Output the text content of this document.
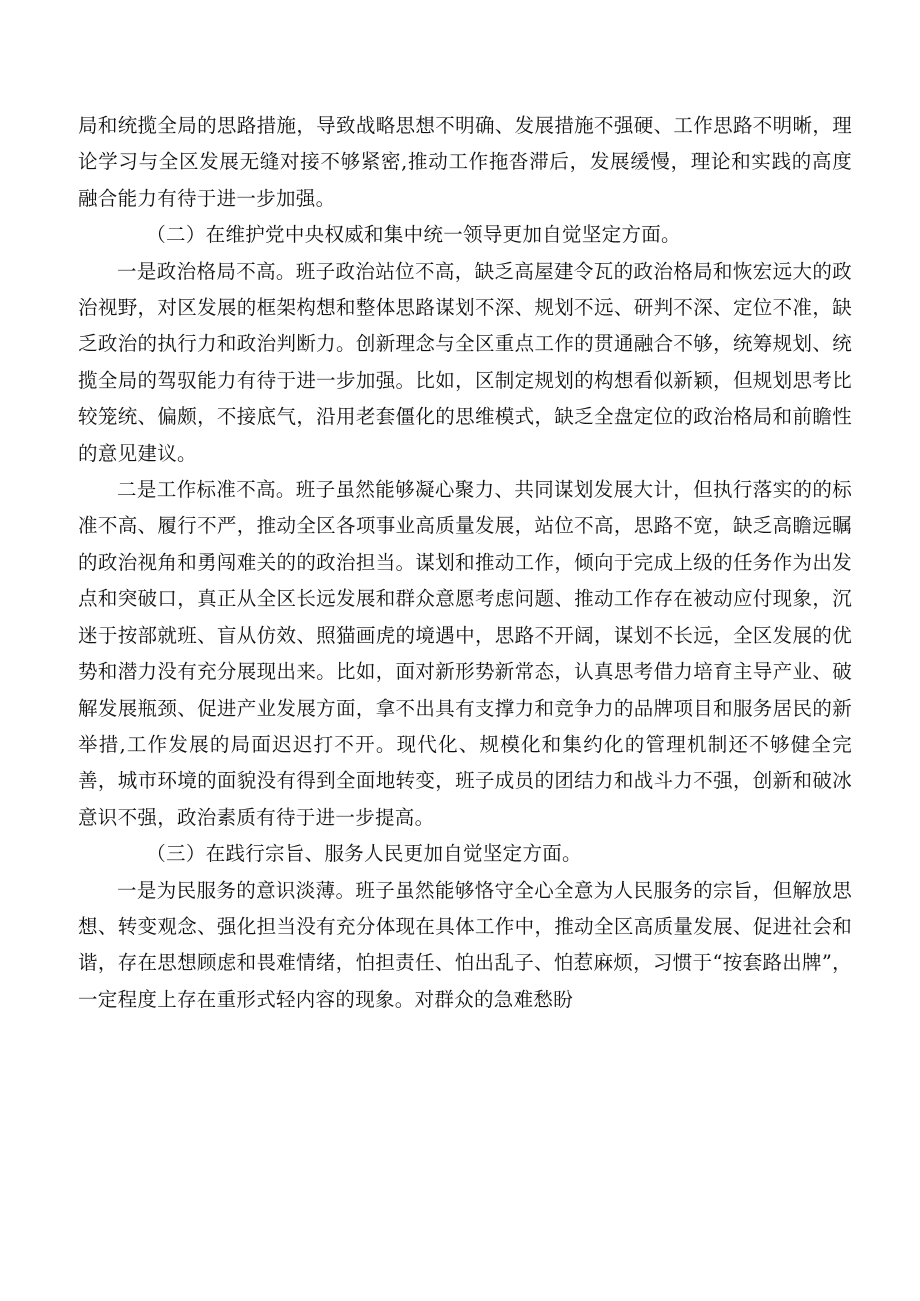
局和统揽全局的思路措施，导致战略思想不明确、发展措施不强硬、工作思路不明晰，理论学习与全区发展无缝对接不够紧密,推动工作拖沓滞后，发展缓慢，理论和实践的高度融合能力有待于进一步加强。

（二）在维护党中央权威和集中统一领导更加自觉坚定方面。

一是政治格局不高。班子政治站位不高，缺乏高屋建令瓦的政治格局和恢宏远大的政治视野，对区发展的框架构想和整体思路谋划不深、规划不远、研判不深、定位不准，缺乏政治的执行力和政治判断力。创新理念与全区重点工作的贯通融合不够，统筹规划、统揽全局的驾驭能力有待于进一步加强。比如，区制定规划的构想看似新颖，但规划思考比较笼统、偏颇，不接底气，沿用老套僵化的思维模式，缺乏全盘定位的政治格局和前瞻性的意见建议。

二是工作标准不高。班子虽然能够凝心聚力、共同谋划发展大计，但执行落实的的标准不高、履行不严，推动全区各项事业高质量发展，站位不高，思路不宽，缺乏高瞻远瞩的政治视角和勇闯难关的的政治担当。谋划和推动工作，倾向于完成上级的任务作为出发点和突破口，真正从全区长远发展和群众意愿考虑问题、推动工作存在被动应付现象，沉迷于按部就班、盲从仿效、照猫画虎的境遇中，思路不开阔，谋划不长远，全区发展的优势和潜力没有充分展现出来。比如，面对新形势新常态，认真思考借力培育主导产业、破解发展瓶颈、促进产业发展方面，拿不出具有支撑力和竞争力的品牌项目和服务居民的新举措,工作发展的局面迟迟打不开。现代化、规模化和集约化的管理机制还不够健全完善，城市环境的面貌没有得到全面地转变，班子成员的团结力和战斗力不强，创新和破冰意识不强，政治素质有待于进一步提高。

（三）在践行宗旨、服务人民更加自觉坚定方面。

一是为民服务的意识淡薄。班子虽然能够恪守全心全意为人民服务的宗旨，但解放思想、转变观念、强化担当没有充分体现在具体工作中，推动全区高质量发展、促进社会和谐，存在思想顾虑和畏难情绪，怕担责任、怕出乱子、怕惹麻烦，习惯于“按套路出牌”，一定程度上存在重形式轻内容的现象。对群众的急难愁盼
